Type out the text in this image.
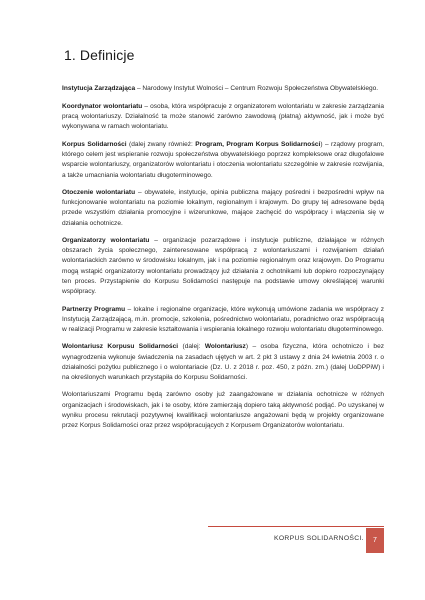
1. Definicje

Instytucja Zarządzająca – Narodowy Instytut Wolności – Centrum Rozwoju Społeczeństwa Obywatelskiego.

Koordynator wolontariatu – osoba, która współpracuje z organizatorem wolontariatu w zakresie zarządzania pracą wolontariuszy. Działalność ta może stanowić zarówno zawodową (płatną) aktywność, jak i może być wykonywana w ramach wolontariatu.

Korpus Solidarności (dalej zwany również: Program, Program Korpus Solidarności) – rządowy program, którego celem jest wspieranie rozwoju społeczeństwa obywatelskiego poprzez kompleksowe oraz długofalowe wsparcie wolontariuszy, organizatorów wolontariatu i otoczenia wolontariatu szczególnie w zakresie rozwijania, a także umacniania wolontariatu długoterminowego.

Otoczenie wolontariatu – obywatele, instytucje, opinia publiczna mający pośredni i bezpośredni wpływ na funkcjonowanie wolontariatu na poziomie lokalnym, regionalnym i krajowym. Do grupy tej adresowane będą przede wszystkim działania promocyjne i wizerunkowe, mające zachęcić do współpracy i włączenia się w działania ochotnicze.

Organizatorzy wolontariatu – organizacje pozarządowe i instytucje publiczne, działające w różnych obszarach życia społecznego, zainteresowane współpracą z wolontariuszami i rozwijaniem działań wolontariackich zarówno w środowisku lokalnym, jak i na poziomie regionalnym oraz krajowym. Do Programu mogą wstąpić organizatorzy wolontariatu prowadzący już działania z ochotnikami lub dopiero rozpoczynający ten proces. Przystąpienie do Korpusu Solidarności następuje na podstawie umowy określającej warunki współpracy.

Partnerzy Programu – lokalne i regionalne organizacje, które wykonują umówione zadania we współpracy z Instytucją Zarządzającą, m.in. promocje, szkolenia, pośrednictwo wolontariatu, poradnictwo oraz współpracują w realizacji Programu w zakresie kształtowania i wspierania lokalnego rozwoju wolontariatu długoterminowego.

Wolontariusz Korpusu Solidarności (dalej: Wolontariusz) – osoba fizyczna, która ochotniczo i bez wynagrodzenia wykonuje świadczenia na zasadach ujętych w art. 2 pkt 3 ustawy z dnia 24 kwietnia 2003 r. o działalności pożytku publicznego i o wolontariacie (Dz. U. z 2018 r. poz. 450, z późn. zm.) (dalej UoDPPiW) i na określonych warunkach przystąpiła do Korpusu Solidarności.

Wolontariuszami Programu będą zarówno osoby już zaangażowane w działania ochotnicze w różnych organizacjach i środowiskach, jak i te osoby, które zamierzają dopiero taką aktywność podjąć. Po uzyskanej w wyniku procesu rekrutacji pozytywnej kwalifikacji wolontariusze angażowani będą w projekty organizowane przez Korpus Solidarności oraz przez współpracujących z Korpusem Organizatorów wolontariatu.

KORPUS SOLIDARNOŚCI.	7
